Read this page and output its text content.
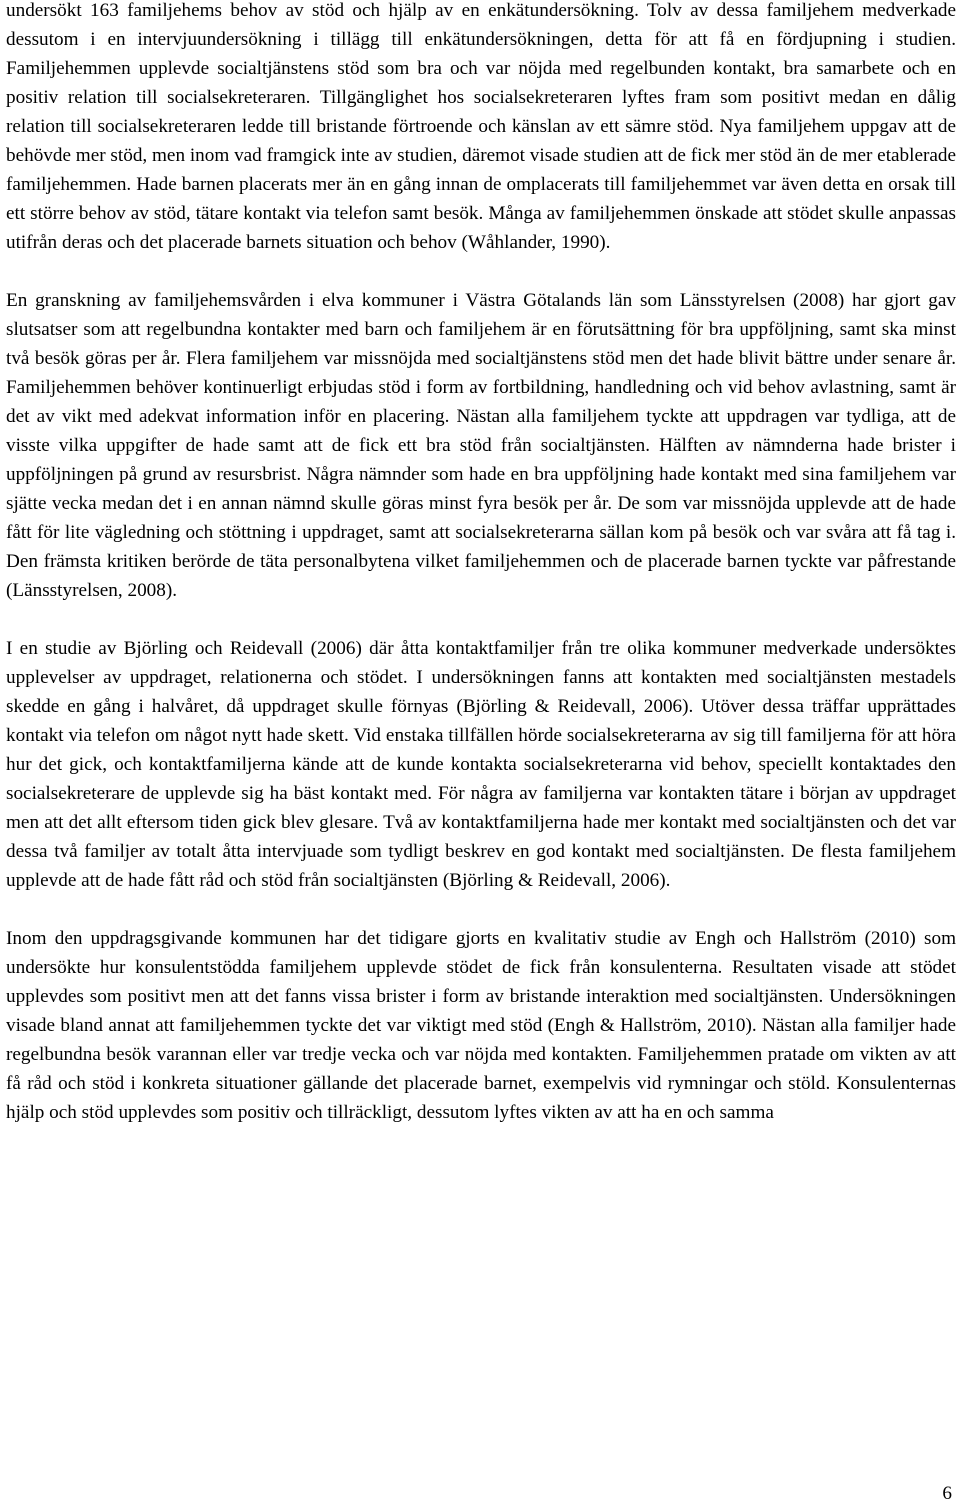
undersökt 163 familjehems behov av stöd och hjälp av en enkätundersökning. Tolv av dessa familjehem medverkade dessutom i en intervjuundersökning i tillägg till enkätundersökningen, detta för att få en fördjupning i studien. Familjehemmen upplevde socialtjänstens stöd som bra och var nöjda med regelbunden kontakt, bra samarbete och en positiv relation till socialsekreteraren. Tillgänglighet hos socialsekreteraren lyftes fram som positivt medan en dålig relation till socialsekreteraren ledde till bristande förtroende och känslan av ett sämre stöd. Nya familjehem uppgav att de behövde mer stöd, men inom vad framgick inte av studien, däremot visade studien att de fick mer stöd än de mer etablerade familjehemmen. Hade barnen placerats mer än en gång innan de omplacerats till familjehemmet var även detta en orsak till ett större behov av stöd, tätare kontakt via telefon samt besök. Många av familjehemmen önskade att stödet skulle anpassas utifrån deras och det placerade barnets situation och behov (Wåhlander, 1990).

En granskning av familjehemsvården i elva kommuner i Västra Götalands län som Länsstyrelsen (2008) har gjort gav slutsatser som att regelbundna kontakter med barn och familjehem är en förutsättning för bra uppföljning, samt ska minst två besök göras per år. Flera familjehem var missnöjda med socialtjänstens stöd men det hade blivit bättre under senare år. Familjehemmen behöver kontinuerligt erbjudas stöd i form av fortbildning, handledning och vid behov avlastning, samt är det av vikt med adekvat information inför en placering. Nästan alla familjehem tyckte att uppdragen var tydliga, att de visste vilka uppgifter de hade samt att de fick ett bra stöd från socialtjänsten. Hälften av nämnderna hade brister i uppföljningen på grund av resursbrist. Några nämnder som hade en bra uppföljning hade kontakt med sina familjehem var sjätte vecka medan det i en annan nämnd skulle göras minst fyra besök per år. De som var missnöjda upplevde att de hade fått för lite vägledning och stöttning i uppdraget, samt att socialsekreterarna sällan kom på besök och var svåra att få tag i. Den främsta kritiken berörde de täta personalbytena vilket familjehemmen och de placerade barnen tyckte var påfrestande (Länsstyrelsen, 2008).

I en studie av Björling och Reidevall (2006) där åtta kontaktfamiljer från tre olika kommuner medverkade undersöktes upplevelser av uppdraget, relationerna och stödet. I undersökningen fanns att kontakten med socialtjänsten mestadels skedde en gång i halvåret, då uppdraget skulle förnyas (Björling & Reidevall, 2006). Utöver dessa träffar upprättades kontakt via telefon om något nytt hade skett. Vid enstaka tillfällen hörde socialsekreterarna av sig till familjerna för att höra hur det gick, och kontaktfamiljerna kände att de kunde kontakta socialsekreterarna vid behov, speciellt kontaktades den socialsekreterare de upplevde sig ha bäst kontakt med. För några av familjerna var kontakten tätare i början av uppdraget men att det allt eftersom tiden gick blev glesare. Två av kontaktfamiljerna hade mer kontakt med socialtjänsten och det var dessa två familjer av totalt åtta intervjuade som tydligt beskrev en god kontakt med socialtjänsten. De flesta familjehem upplevde att de hade fått råd och stöd från socialtjänsten (Björling & Reidevall, 2006).

Inom den uppdragsgivande kommunen har det tidigare gjorts en kvalitativ studie av Engh och Hallström (2010) som undersökte hur konsulentstödda familjehem upplevde stödet de fick från konsulenterna. Resultaten visade att stödet upplevdes som positivt men att det fanns vissa brister i form av bristande interaktion med socialtjänsten. Undersökningen visade bland annat att familjehemmen tyckte det var viktigt med stöd (Engh & Hallström, 2010). Nästan alla familjer hade regelbundna besök varannan eller var tredje vecka och var nöjda med kontakten. Familjehemmen pratade om vikten av att få råd och stöd i konkreta situationer gällande det placerade barnet, exempelvis vid rymningar och stöld. Konsulenternas hjälp och stöd upplevdes som positiv och tillräckligt, dessutom lyftes vikten av att ha en och samma

6
